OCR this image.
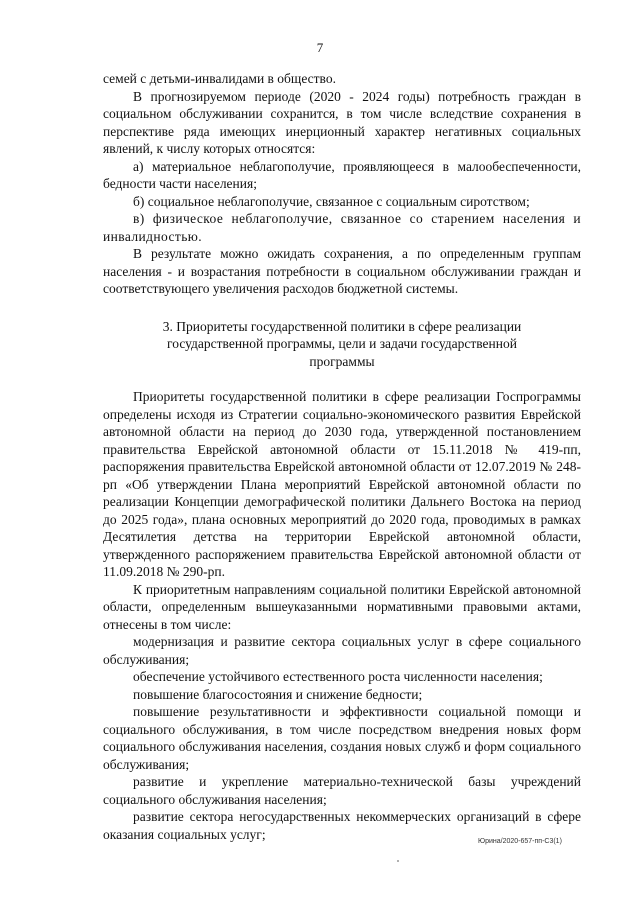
7

семей с детьми-инвалидами в общество.

В прогнозируемом периоде (2020 - 2024 годы) потребность граждан в социальном обслуживании сохранится, в том числе вследствие сохранения в перспективе ряда имеющих инерционный характер негативных социальных явлений, к числу которых относятся:

а) материальное неблагополучие, проявляющееся в малообеспеченности, бедности части населения;

б) социальное неблагополучие, связанное с социальным сиротством;

в) физическое неблагополучие, связанное со старением населения и инвалидностью.

В результате можно ожидать сохранения, а по определенным группам населения - и возрастания потребности в социальном обслуживании граждан и соответствующего увеличения расходов бюджетной системы.

3. Приоритеты государственной политики в сфере реализации
государственной программы, цели и задачи государственной
программы

Приоритеты государственной политики в сфере реализации Госпрограммы определены исходя из Стратегии социально-экономического развития Еврейской автономной области на период до 2030 года, утвержденной постановлением правительства Еврейской автономной области от 15.11.2018 № 419-пп, распоряжения правительства Еврейской автономной области от 12.07.2019 № 248-рп «Об утверждении Плана мероприятий Еврейской автономной области по реализации Концепции демографической политики Дальнего Востока на период до 2025 года», плана основных мероприятий до 2020 года, проводимых в рамках Десятилетия детства на территории Еврейской автономной области, утвержденного распоряжением правительства Еврейской автономной области от 11.09.2018 № 290-рп.

К приоритетным направлениям социальной политики Еврейской автономной области, определенным вышеуказанными нормативными правовыми актами, отнесены в том числе:

модернизация и развитие сектора социальных услуг в сфере социального обслуживания;

обеспечение устойчивого естественного роста численности населения;

повышение благосостояния и снижение бедности;

повышение результативности и эффективности социальной помощи и социального обслуживания, в том числе посредством внедрения новых форм социального обслуживания населения, создания новых служб и форм социального обслуживания;

развитие и укрепление материально-технической базы учреждений социального обслуживания населения;

развитие сектора негосударственных некоммерческих организаций в сфере оказания социальных услуг;	Юрина/2020-657-пп-С3(1)
